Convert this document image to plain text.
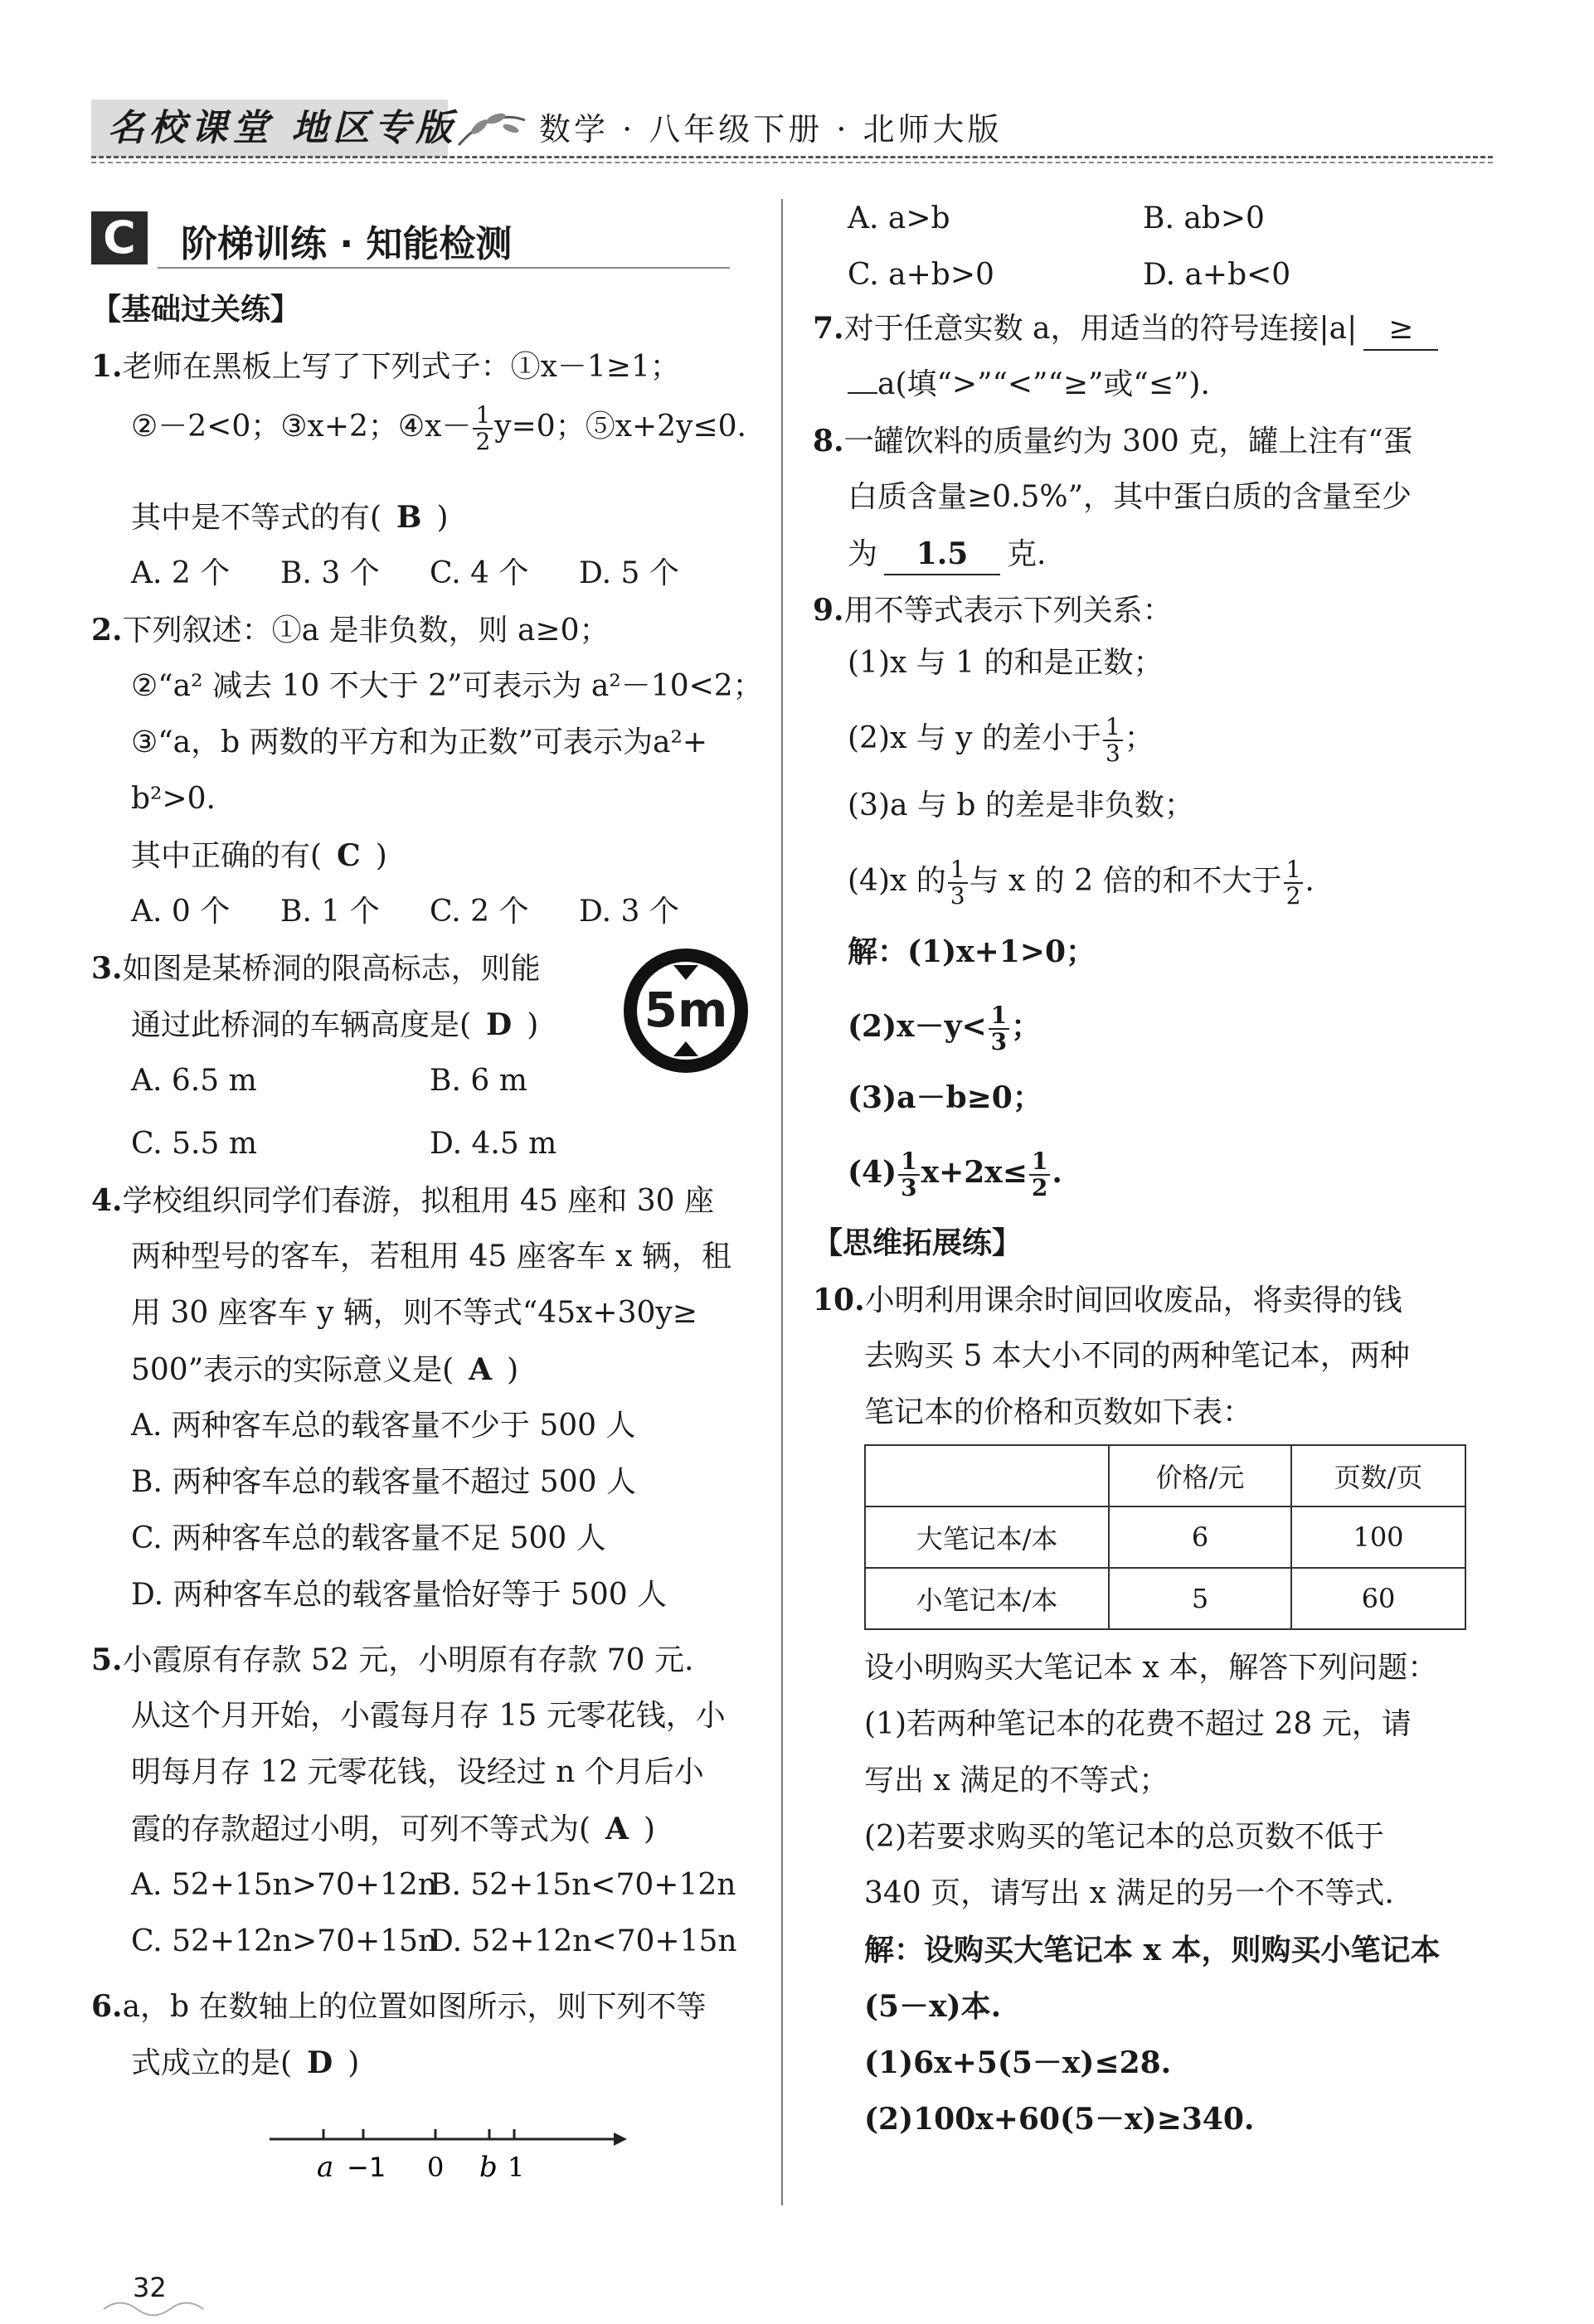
名校课堂 地区专版	数学 · 八年级下册 · 北师大版
C	阶梯训练 · 知能检测
【基础过关练】
1.老师在黑板上写了下列式子：①x－1≥1；
②－2<0；③x+2；④x－ $\frac{1}{2} y=0$；⑤x+2y≤0.
其中是不等式的有( B )
A. 2 个 B. 3 个 C. 4 个 D. 5 个
2.下列叙述：①a 是非负数，则 a≥0；
②“a² 减去 10 不大于 2”可表示为 a²－10<2；
③“a，b 两数的平方和为正数”可表示为a²+
b²>0.
其中正确的有( C )
A. 0 个 B. 1 个 C. 2 个 D. 3 个
3.如图是某桥洞的限高标志，则能
通过此桥洞的车辆高度是( D ) 5m
A. 6.5 m	B. 6 m
C. 5.5 m	D. 4.5 m
4.学校组织同学们春游，拟租用 45 座和 30 座
两种型号的客车，若租用 45 座客车 x 辆，租
用 30 座客车 y 辆，则不等式“45x+30y≥
500”表示的实际意义是( A )
A. 两种客车总的载客量不少于 500 人
B. 两种客车总的载客量不超过 500 人
C. 两种客车总的载客量不足 500 人
D. 两种客车总的载客量恰好等于 500 人
5.小霞原有存款 52 元，小明原有存款 70 元.
从这个月开始，小霞每月存 15 元零花钱，小
明每月存 12 元零花钱，设经过 n 个月后小
霞的存款超过小明，可列不等式为( A )
A. 52+15n>70+12n
B. 52+15n<70+12n
C. 52+12n>70+15n
D. 52+12n<70+15n
6.a，b 在数轴上的位置如图所示，则下列不等
式成立的是( D )
a −1 0 b 1
A. a>b	B. ab>0
C. a+b>0	D. a+b<0
7.对于任意实数 a，用适当的符号连接|a| ≥
a(填“>”“<”“≥”或“≤”).
8.一罐饮料的质量约为 300 克，罐上注有“蛋
白质含量≥0.5%”，其中蛋白质的含量至少
为 1.5 克.
9.用不等式表示下列关系：
(1)x 与 1 的和是正数；
(2)x 与 y 的差小于 $\frac{1}{3}$ ；
(3)a 与 b 的差是非负数；
(4)x 的 $\frac{1}{3}$ 与 x 的 2 倍的和不大于 $\frac{1}{2}$ .
解：(1)x+1>0；
$(2)x-y< \frac{1}{3}$ ；
(3)a－b≥0；
$(4) \frac{1}{3} x+2x\le \frac{1}{2}$ .
【思维拓展练】
10.小明利用课余时间回收废品，将卖得的钱
去购买 5 本大小不同的两种笔记本，两种
笔记本的价格和页数如下表：
	价格/元	页数/页
大笔记本/本	6	100
小笔记本/本	5	60
设小明购买大笔记本 x 本，解答下列问题：
(1)若两种笔记本的花费不超过 28 元，请
写出 x 满足的不等式；
(2)若要求购买的笔记本的总页数不低于
340 页，请写出 x 满足的另一个不等式.
解：设购买大笔记本 x 本，则购买小笔记本
(5－x)本.
(1)6x+5(5－x)≤28.
(2)100x+60(5－x)≥340.
32
